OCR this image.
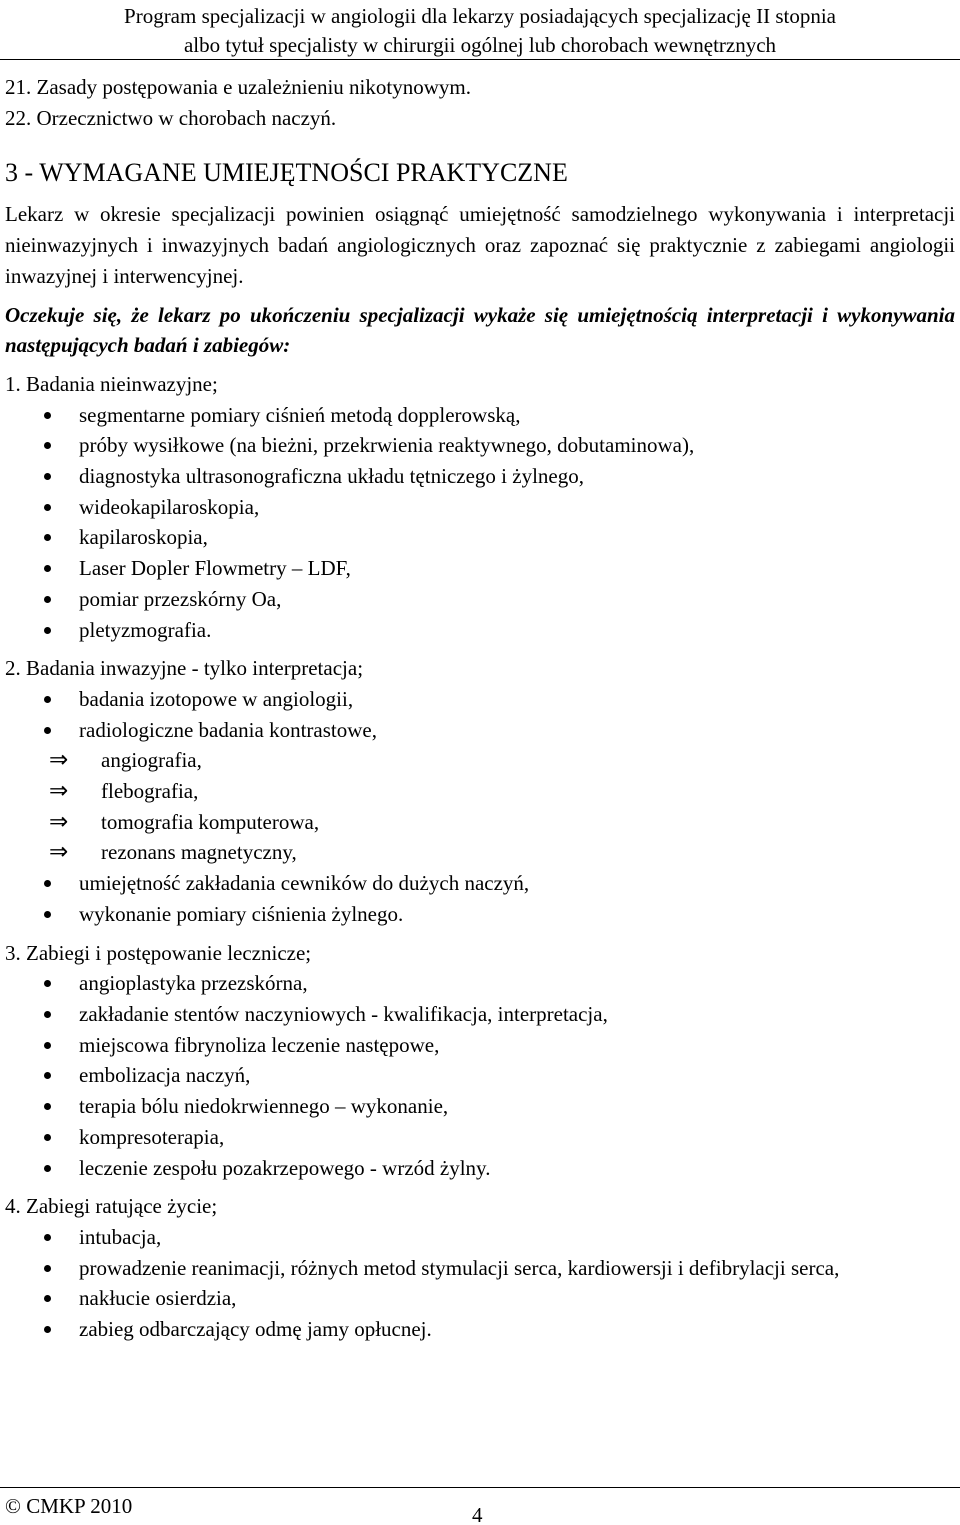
Program specjalizacji w angiologii dla lekarzy posiadających specjalizację II stopnia
albo tytuł specjalisty w chirurgii ogólnej lub chorobach wewnętrznych

21. Zasady postępowania e uzależnieniu nikotynowym.

22. Orzecznictwo w chorobach naczyń.

3 - WYMAGANE UMIEJĘTNOŚCI PRAKTYCZNE

Lekarz w okresie specjalizacji powinien osiągnąć umiejętność samodzielnego wykonywania i interpretacji nieinwazyjnych i inwazyjnych badań angiologicznych oraz zapoznać się praktycznie z zabiegami angiologii inwazyjnej i interwencyjnej.

Oczekuje się, że lekarz po ukończeniu specjalizacji wykaże się umiejętnością interpretacji i wykonywania następujących badań i zabiegów:

1. Badania nieinwazyjne;

segmentarne pomiary ciśnień metodą dopplerowską,
próby wysiłkowe (na bieżni, przekrwienia reaktywnego, dobutaminowa),
diagnostyka ultrasonograficzna układu tętniczego i żylnego,
wideokapilaroskopia,
kapilaroskopia,
Laser Dopler Flowmetry – LDF,
pomiar przezskórny Oa,
pletyzmografia.

2. Badania inwazyjne - tylko interpretacja;

badania izotopowe w angiologii,
radiologiczne badania kontrastowe,
⇒ angiografia,
⇒ flebografia,
⇒ tomografia komputerowa,
⇒ rezonans magnetyczny,
umiejętność zakładania cewników do dużych naczyń,
wykonanie pomiary ciśnienia żylnego.

3. Zabiegi i postępowanie lecznicze;

angioplastyka przezskórna,
zakładanie stentów naczyniowych - kwalifikacja, interpretacja,
miejscowa fibrynoliza leczenie następowe,
embolizacja naczyń,
terapia bólu niedokrwiennego – wykonanie,
kompresoterapia,
leczenie zespołu pozakrzepowego - wrzód żylny.

4. Zabiegi ratujące życie;

intubacja,
prowadzenie reanimacji, różnych metod stymulacji serca, kardiowersji i defibrylacji serca,
nakłucie osierdzia,
zabieg odbarczający odmę jamy opłucnej.
© CMKP 2010	4
